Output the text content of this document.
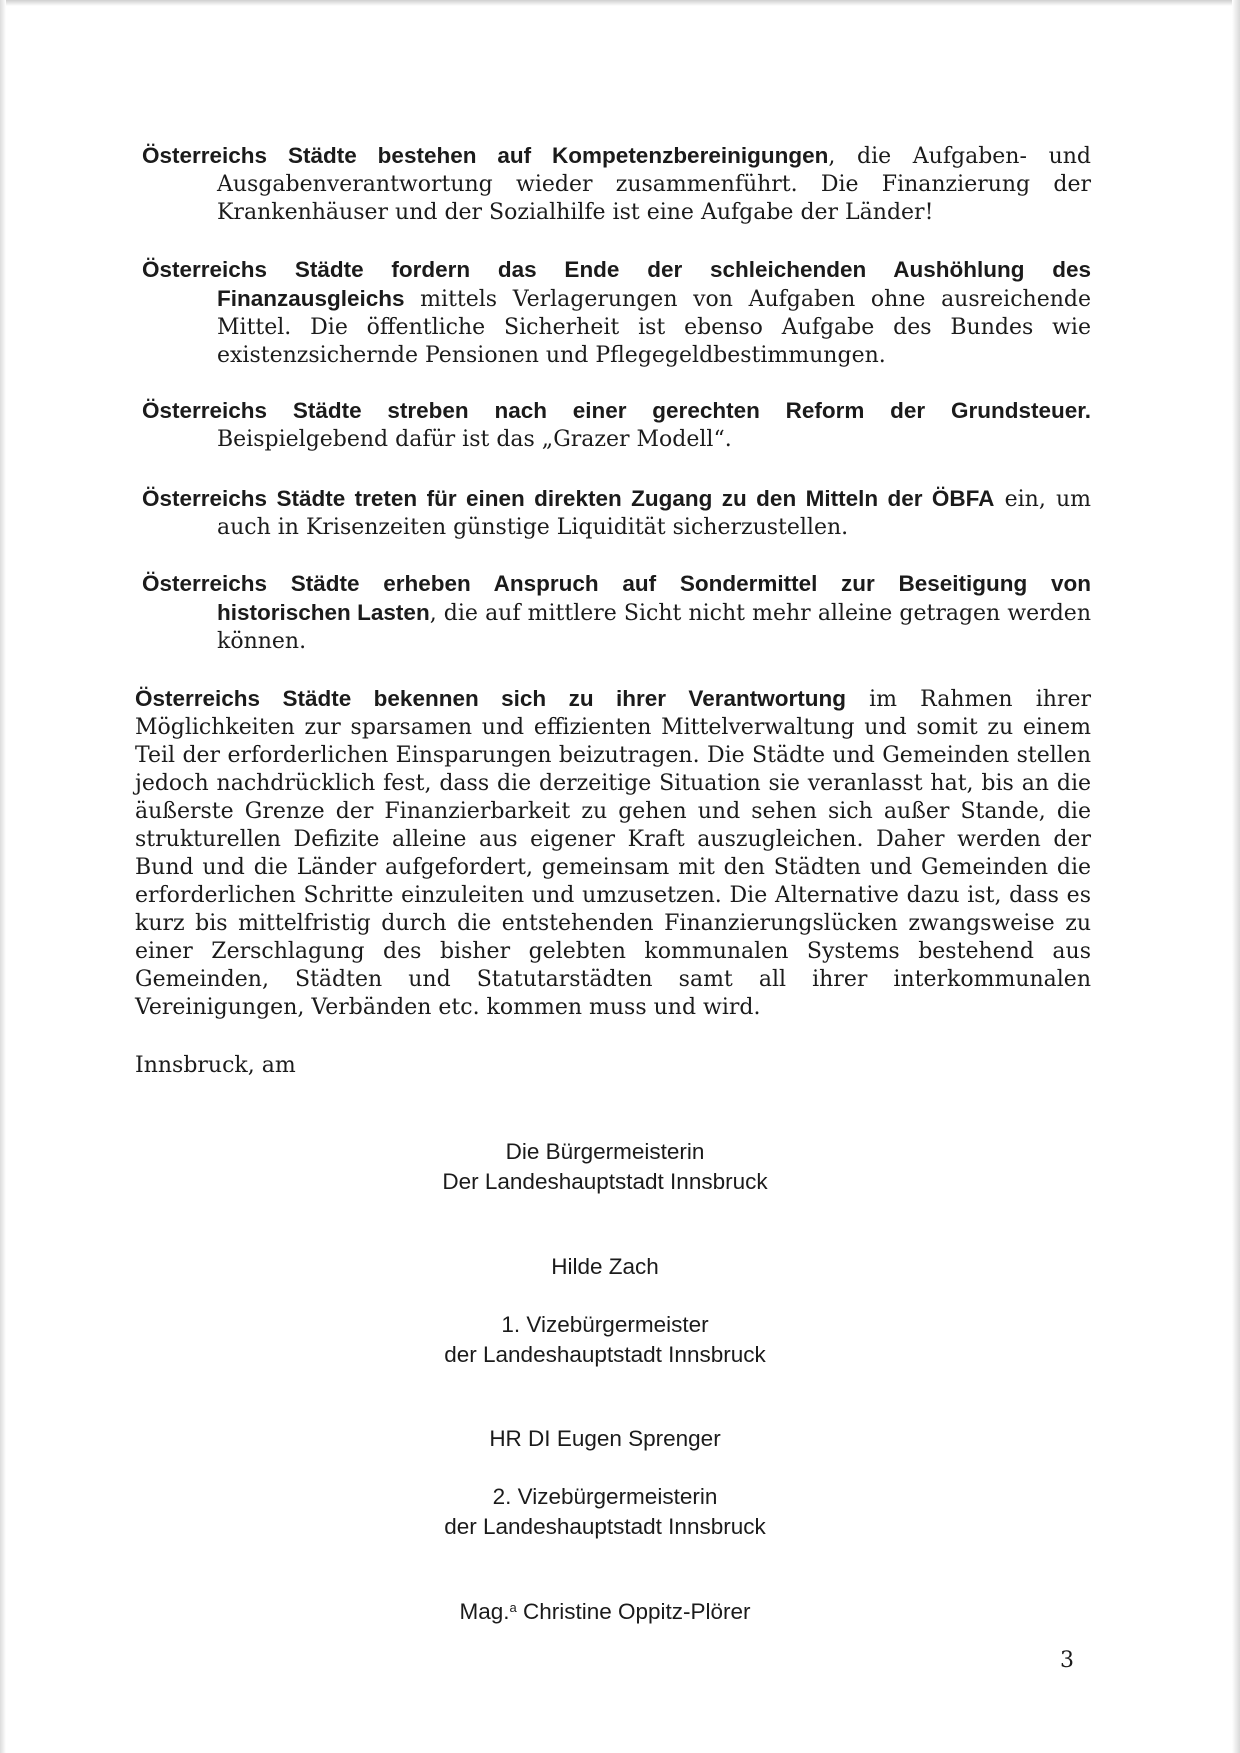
Österreichs Städte bestehen auf Kompetenzbereinigungen, die Aufgaben- und Ausgabenverantwortung wieder zusammenführt. Die Finanzierung der Krankenhäuser und der Sozialhilfe ist eine Aufgabe der Länder!

Österreichs Städte fordern das Ende der schleichenden Aushöhlung des Finanzausgleichs mittels Verlagerungen von Aufgaben ohne ausreichende Mittel. Die öffentliche Sicherheit ist ebenso Aufgabe des Bundes wie existenzsichernde Pensionen und Pflegegeldbestimmungen.

Österreichs Städte streben nach einer gerechten Reform der Grundsteuer. Beispielgebend dafür ist das „Grazer Modell“.

Österreichs Städte treten für einen direkten Zugang zu den Mitteln der ÖBFA ein, um auch in Krisenzeiten günstige Liquidität sicherzustellen.

Österreichs Städte erheben Anspruch auf Sondermittel zur Beseitigung von historischen Lasten, die auf mittlere Sicht nicht mehr alleine getragen werden können.

Österreichs Städte bekennen sich zu ihrer Verantwortung im Rahmen ihrer Möglichkeiten zur sparsamen und effizienten Mittelverwaltung und somit zu einem Teil der erforderlichen Einsparungen beizutragen. Die Städte und Gemeinden stellen jedoch nachdrücklich fest, dass die derzeitige Situation sie veranlasst hat, bis an die äußerste Grenze der Finanzierbarkeit zu gehen und sehen sich außer Stande, die strukturellen Defizite alleine aus eigener Kraft auszugleichen. Daher werden der Bund und die Länder aufgefordert, gemeinsam mit den Städten und Gemeinden die erforderlichen Schritte einzuleiten und umzusetzen. Die Alternative dazu ist, dass es kurz bis mittelfristig durch die entstehenden Finanzierungslücken zwangsweise zu einer Zerschlagung des bisher gelebten kommunalen Systems bestehend aus Gemeinden, Städten und Statutarstädten samt all ihrer interkommunalen Vereinigungen, Verbänden etc. kommen muss und wird.

Innsbruck, am
Die Bürgermeisterin
Der Landeshauptstadt Innsbruck
Hilde Zach
1. Vizebürgermeister
der Landeshauptstadt Innsbruck
HR DI Eugen Sprenger
2. Vizebürgermeisterin
der Landeshauptstadt Innsbruck
Mag.$^a$ Christine Oppitz-Plörer
3
